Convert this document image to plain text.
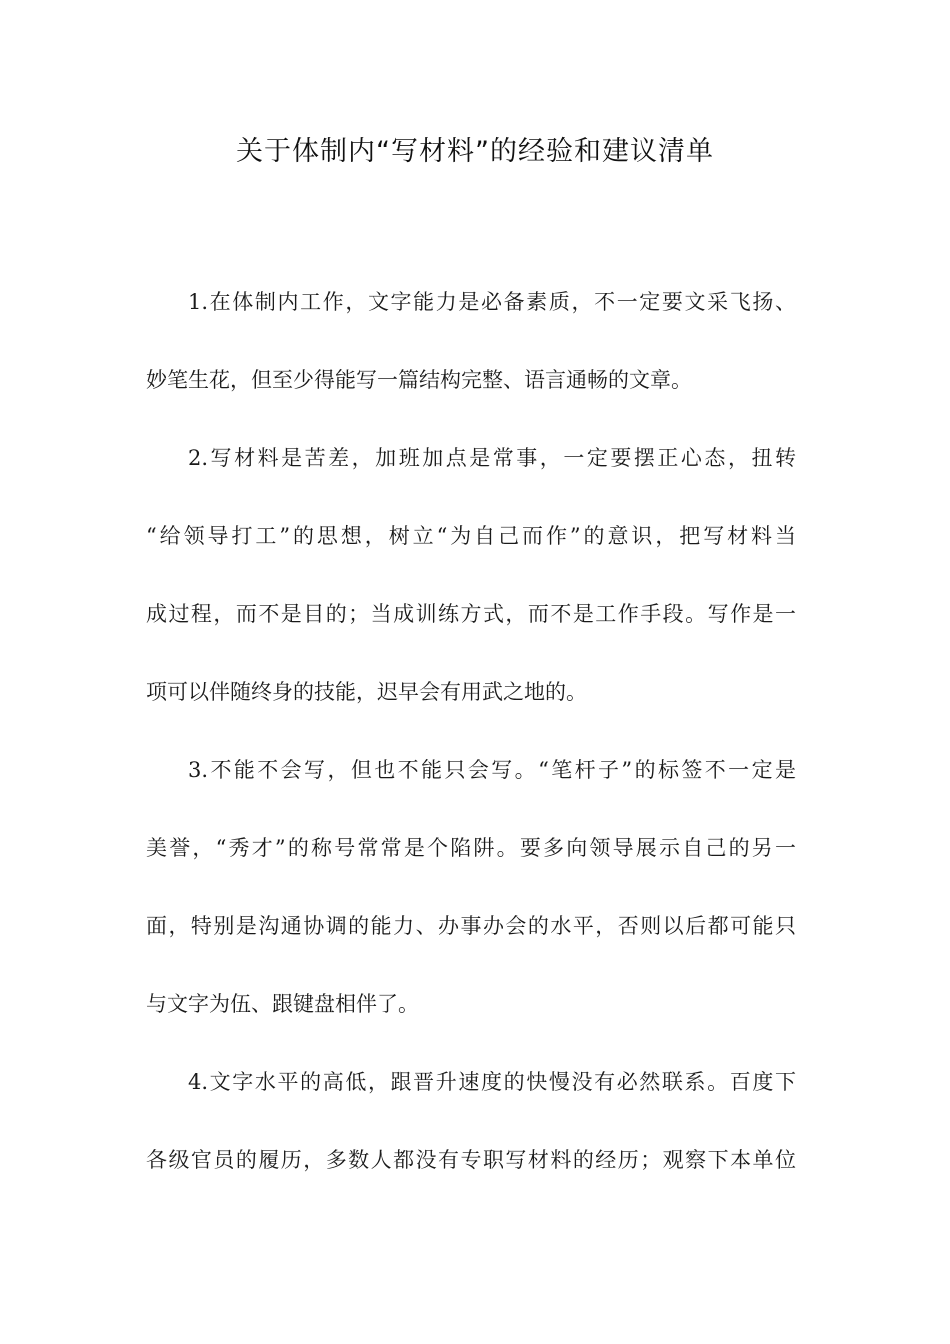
关于体制内“写材料”的经验和建议清单
1.在体制内工作，文字能力是必备素质，不一定要文采飞扬、
妙笔生花，但至少得能写一篇结构完整、语言通畅的文章。
2.写材料是苦差，加班加点是常事，一定要摆正心态，扭转
“给领导打工”的思想，树立“为自己而作”的意识，把写材料当
成过程，而不是目的；当成训练方式，而不是工作手段。写作是一
项可以伴随终身的技能，迟早会有用武之地的。
3.不能不会写，但也不能只会写。“笔杆子”的标签不一定是
美誉，“秀才”的称号常常是个陷阱。要多向领导展示自己的另一
面，特别是沟通协调的能力、办事办会的水平，否则以后都可能只
与文字为伍、跟键盘相伴了。
4.文字水平的高低，跟晋升速度的快慢没有必然联系。百度下
各级官员的履历，多数人都没有专职写材料的经历；观察下本单位
